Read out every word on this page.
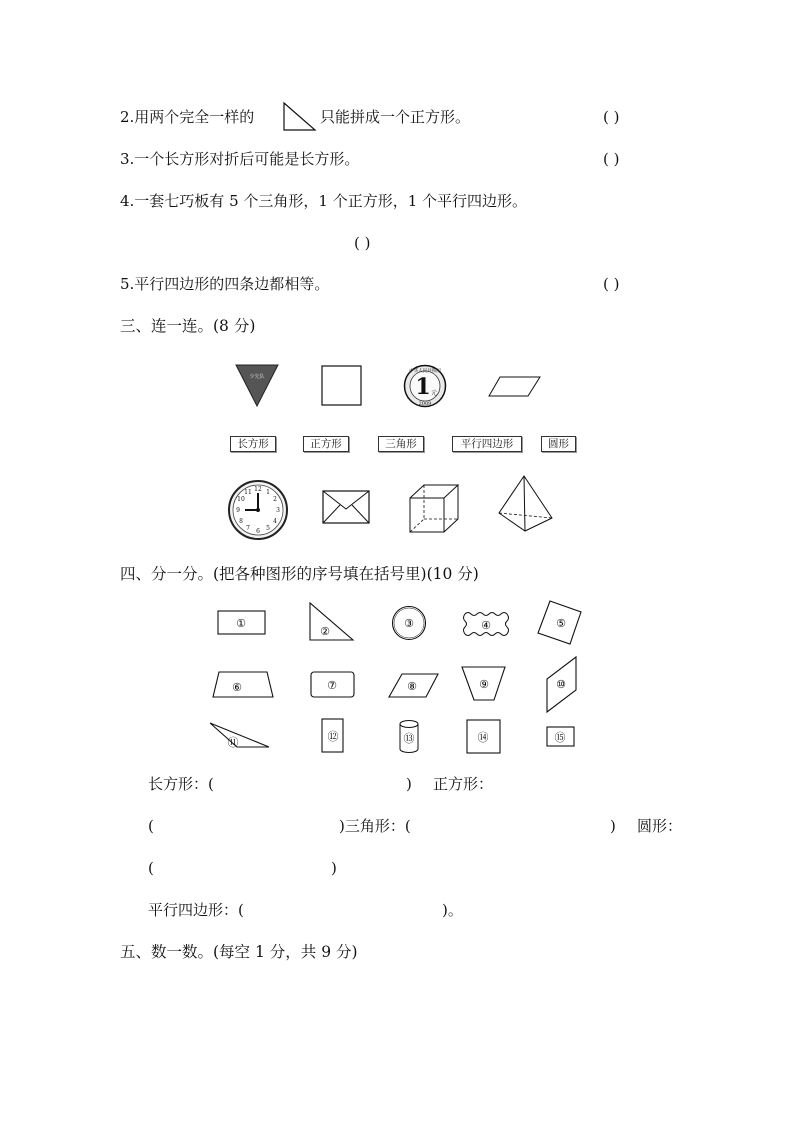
2.用两个完全一样的	只能拼成一个正方形。	( )
3.一个长方形对折后可能是长方形。	( )
4.一套七巧板有 5 个三角形，1 个正方形，1 个平行四边形。
( )
5.平行四边形的四条边都相等。	( )
三、连一连。(8 分)
少先队
中华人民共和国
1 元
2009
长方形	正方形	三角形	平行四边形	圆形
12 1
2
3
4
5
6
7
8
9
10
11
四、分一分。(把各种图形的序号填在括号里)(10 分)
①
②
③	④	⑤
⑥	⑦	⑧	⑨	⑩
⑪	⑫	⑬	⑭	⑮
长方形：(	) 正方形：
(	)三角形：(	) 圆形：
(	)
平行四边形：(	)。
五、数一数。(每空 1 分，共 9 分)
